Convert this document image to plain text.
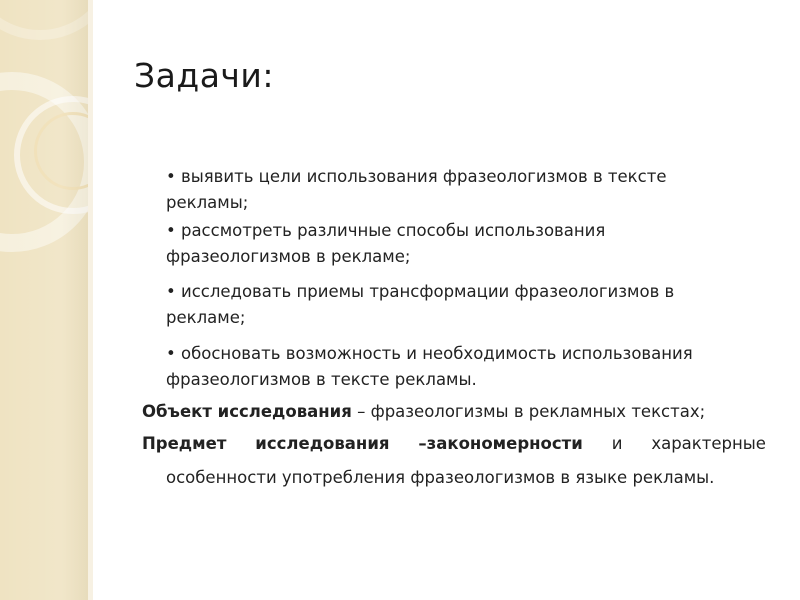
Задачи:
• выявить цели использования фразеологизмов в тексте
рекламы;
• рассмотреть различные способы использования
фразеологизмов в рекламе;
• исследовать приемы трансформации фразеологизмов в
рекламе;
• обосновать возможность и необходимость использования
фразеологизмов в тексте рекламы.
Объект исследования – фразеологизмы в рекламных текстах;
Предмет исследования –закономерности и характерные
особенности употребления фразеологизмов в языке рекламы.
